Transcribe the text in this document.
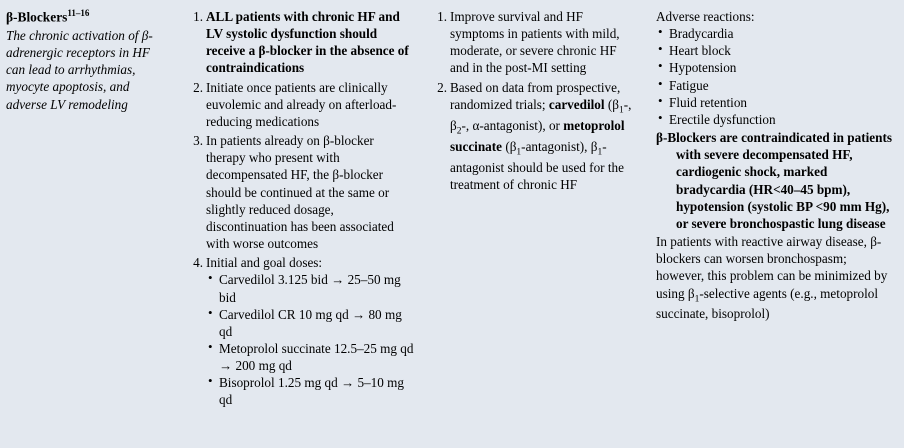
β-Blockers$^{11-16}$
The chronic activation of β-adrenergic receptors in HF can lead to arrhythmias, myocyte apoptosis, and adverse LV remodeling
1. ALL patients with chronic HF and LV systolic dysfunction should receive a β-blocker in the absence of contraindications
2. Initiate once patients are clinically euvolemic and already on afterload-reducing medications
3. In patients already on β-blocker therapy who present with decompensated HF, the β-blocker should be continued at the same or slightly reduced dosage, discontinuation has been associated with worse outcomes
4. Initial and goal doses:
• Carvedilol 3.125 bid → 25–50 mg bid
• Carvedilol CR 10 mg qd → 80 mg qd
• Metoprolol succinate 12.5–25 mg qd → 200 mg qd
• Bisoprolol 1.25 mg qd → 5–10 mg qd
1. Improve survival and HF symptoms in patients with mild, moderate, or severe chronic HF and in the post-MI setting
2. Based on data from prospective, randomized trials; carvedilol ($\beta_1-$, $\beta_2-$, α-antagonist), or metoprolol succinate $(\beta_1-antagonist)$, $\beta_1$-antagonist should be used for the treatment of chronic HF
Adverse reactions:
• Bradycardia
• Heart block
• Hypotension
• Fatigue
• Fluid retention
• Erectile dysfunction
β-Blockers are contraindicated in patients with severe decompensated HF, cardiogenic shock, marked bradycardia (HR<40–45 bpm), hypotension (systolic BP <90 mm Hg), or severe bronchospastic lung disease
In patients with reactive airway disease, β-blockers can worsen bronchospasm; however, this problem can be minimized by using $\beta_1$-selective agents (e.g., metoprolol succinate, bisoprolol)
